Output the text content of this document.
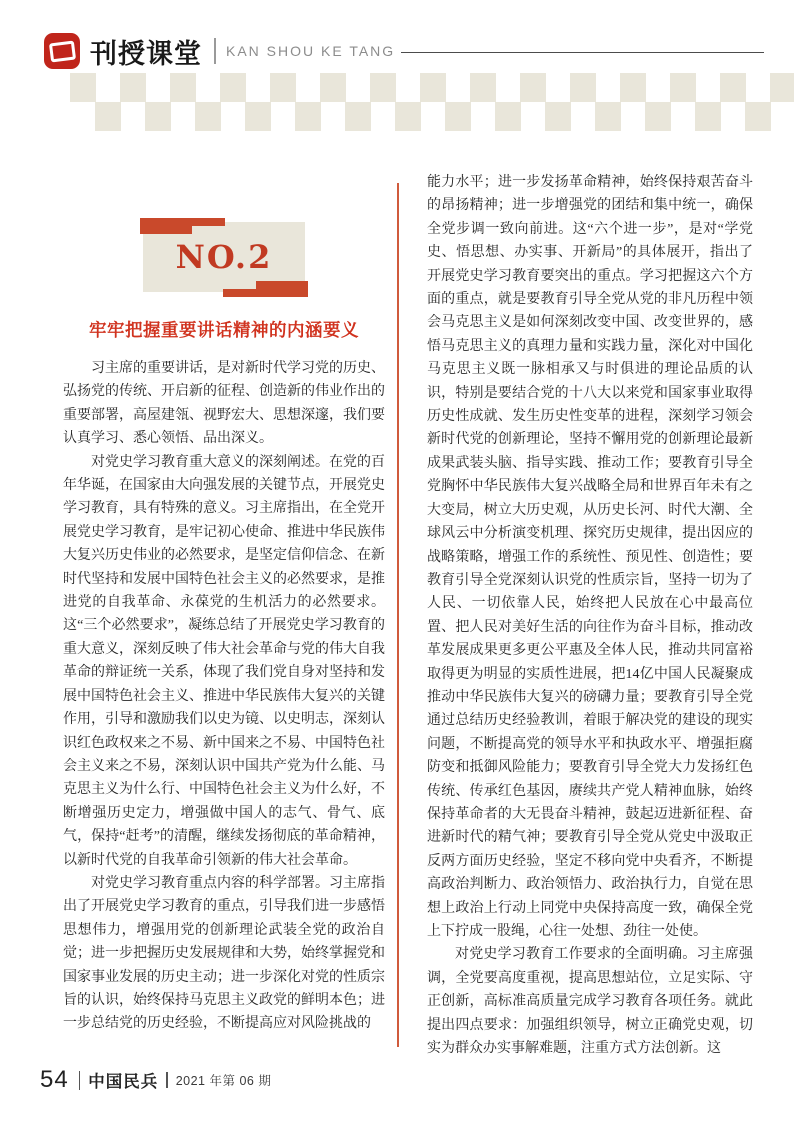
刊授课堂 KAN SHOU KE TANG
NO.2
牢牢把握重要讲话精神的内涵要义

习主席的重要讲话，是对新时代学习党的历史、弘扬党的传统、开启新的征程、创造新的伟业作出的重要部署，高屋建瓴、视野宏大、思想深邃，我们要认真学习、悉心领悟、品出深义。

对党史学习教育重大意义的深刻阐述。在党的百年华诞，在国家由大向强发展的关键节点，开展党史学习教育，具有特殊的意义。习主席指出，在全党开展党史学习教育，是牢记初心使命、推进中华民族伟大复兴历史伟业的必然要求，是坚定信仰信念、在新时代坚持和发展中国特色社会主义的必然要求，是推进党的自我革命、永葆党的生机活力的必然要求。这“三个必然要求”，凝练总结了开展党史学习教育的重大意义，深刻反映了伟大社会革命与党的伟大自我革命的辩证统一关系，体现了我们党自身对坚持和发展中国特色社会主义、推进中华民族伟大复兴的关键作用，引导和激励我们以史为镜、以史明志，深刻认识红色政权来之不易、新中国来之不易、中国特色社会主义来之不易，深刻认识中国共产党为什么能、马克思主义为什么行、中国特色社会主义为什么好，不断增强历史定力，增强做中国人的志气、骨气、底气，保持“赶考”的清醒，继续发扬彻底的革命精神，以新时代党的自我革命引领新的伟大社会革命。

对党史学习教育重点内容的科学部署。习主席指出了开展党史学习教育的重点，引导我们进一步感悟思想伟力，增强用党的创新理论武装全党的政治自觉；进一步把握历史发展规律和大势，始终掌握党和国家事业发展的历史主动；进一步深化对党的性质宗旨的认识，始终保持马克思主义政党的鲜明本色；进一步总结党的历史经验，不断提高应对风险挑战的

能力水平；进一步发扬革命精神，始终保持艰苦奋斗的昂扬精神；进一步增强党的团结和集中统一，确保全党步调一致向前进。这“六个进一步”，是对“学党史、悟思想、办实事、开新局”的具体展开，指出了开展党史学习教育要突出的重点。学习把握这六个方面的重点，就是要教育引导全党从党的非凡历程中领会马克思主义是如何深刻改变中国、改变世界的，感悟马克思主义的真理力量和实践力量，深化对中国化马克思主义既一脉相承又与时俱进的理论品质的认识，特别是要结合党的十八大以来党和国家事业取得历史性成就、发生历史性变革的进程，深刻学习领会新时代党的创新理论，坚持不懈用党的创新理论最新成果武装头脑、指导实践、推动工作；要教育引导全党胸怀中华民族伟大复兴战略全局和世界百年未有之大变局，树立大历史观，从历史长河、时代大潮、全球风云中分析演变机理、探究历史规律，提出因应的战略策略，增强工作的系统性、预见性、创造性；要教育引导全党深刻认识党的性质宗旨，坚持一切为了人民、一切依靠人民，始终把人民放在心中最高位置、把人民对美好生活的向往作为奋斗目标，推动改革发展成果更多更公平惠及全体人民，推动共同富裕取得更为明显的实质性进展，把14亿中国人民凝聚成推动中华民族伟大复兴的磅礴力量；要教育引导全党通过总结历史经验教训，着眼于解决党的建设的现实问题，不断提高党的领导水平和执政水平、增强拒腐防变和抵御风险能力；要教育引导全党大力发扬红色传统、传承红色基因，赓续共产党人精神血脉，始终保持革命者的大无畏奋斗精神，鼓起迈进新征程、奋进新时代的精气神；要教育引导全党从党史中汲取正反两方面历史经验，坚定不移向党中央看齐，不断提高政治判断力、政治领悟力、政治执行力，自觉在思想上政治上行动上同党中央保持高度一致，确保全党上下拧成一股绳，心往一处想、劲往一处使。

对党史学习教育工作要求的全面明确。习主席强调，全党要高度重视，提高思想站位，立足实际、守正创新，高标准高质量完成学习教育各项任务。就此提出四点要求：加强组织领导，树立正确党史观，切实为群众办实事解难题，注重方式方法创新。这

54 中国民兵 2021 年第 06 期
